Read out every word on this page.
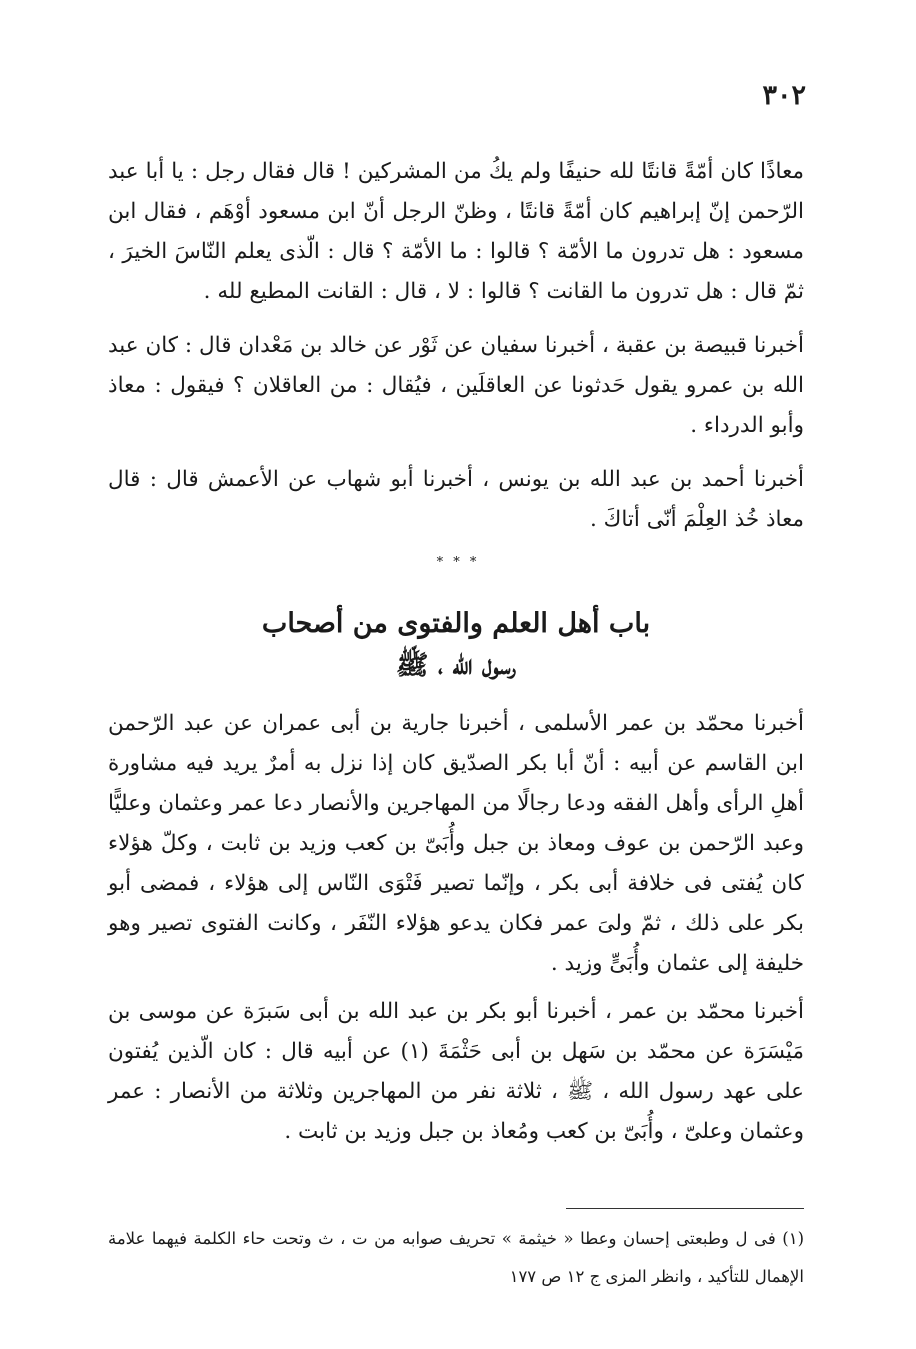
٣٠٢

معاذًا كان أمّةً قانتًا لله حنيفًا ولم يكُ من المشركين ! قال فقال رجل : يا أبا عبد الرّحمن إنّ إبراهيم كان أمّةً قانتًا ، وظنّ الرجل أنّ ابن مسعود أوْهَم ، فقال ابن مسعود : هل تدرون ما الأمّة ؟ قالوا : ما الأمّة ؟ قال : الّذى يعلم النّاسَ الخيرَ ، ثمّ قال : هل تدرون ما القانت ؟ قالوا : لا ، قال : القانت المطيع لله .

أخبرنا قبيصة بن عقبة ، أخبرنا سفيان عن ثَوْر عن خالد بن مَعْدان قال : كان عبد الله بن عمرو يقول حَدثونا عن العاقلَين ، فيُقال : من العاقلان ؟ فيقول : معاذ وأبو الدرداء .

أخبرنا أحمد بن عبد الله بن يونس ، أخبرنا أبو شهاب عن الأعمش قال : قال معاذ خُذ العِلْمَ أنّى أتاكَ .

* * *

باب أهل العلم والفتوى من أصحاب
رسول الله ، ﷺ

أخبرنا محمّد بن عمر الأسلمى ، أخبرنا جارية بن أبى عمران عن عبد الرّحمن ابن القاسم عن أبيه : أنّ أبا بكر الصدّيق كان إذا نزل به أمرٌ يريد فيه مشاورة أهلِ الرأى وأهل الفقه ودعا رجالًا من المهاجرين والأنصار دعا عمر وعثمان وعليًّا وعبد الرّحمن بن عوف ومعاذ بن جبل وأُبَىّ بن كعب وزيد بن ثابت ، وكلّ هؤلاء كان يُفتى فى خلافة أبى بكر ، وإنّما تصير فَتْوَى النّاس إلى هؤلاء ، فمضى أبو بكر على ذلك ، ثمّ ولىَ عمر فكان يدعو هؤلاء النّفَر ، وكانت الفتوى تصير وهو خليفة إلى عثمان وأُبَىٍّ وزيد .

أخبرنا محمّد بن عمر ، أخبرنا أبو بكر بن عبد الله بن أبى سَبرَة عن موسى بن مَيْسَرَة عن محمّد بن سَهل بن أبى حَثْمَةَ (١) عن أبيه قال : كان الّذين يُفتون على عهد رسول الله ، ﷺ ، ثلاثة نفر من المهاجرين وثلاثة من الأنصار : عمر وعثمان وعلىّ ، وأُبَىّ بن كعب ومُعاذ بن جبل وزيد بن ثابت .

(١) فى ل وطبعتى إحسان وعطا « خيثمة » تحريف صوابه من ت ، ث وتحت حاء الكلمة فيهما علامة الإهمال للتأكيد ، وانظر المزى ج ١٢ ص ١٧٧
